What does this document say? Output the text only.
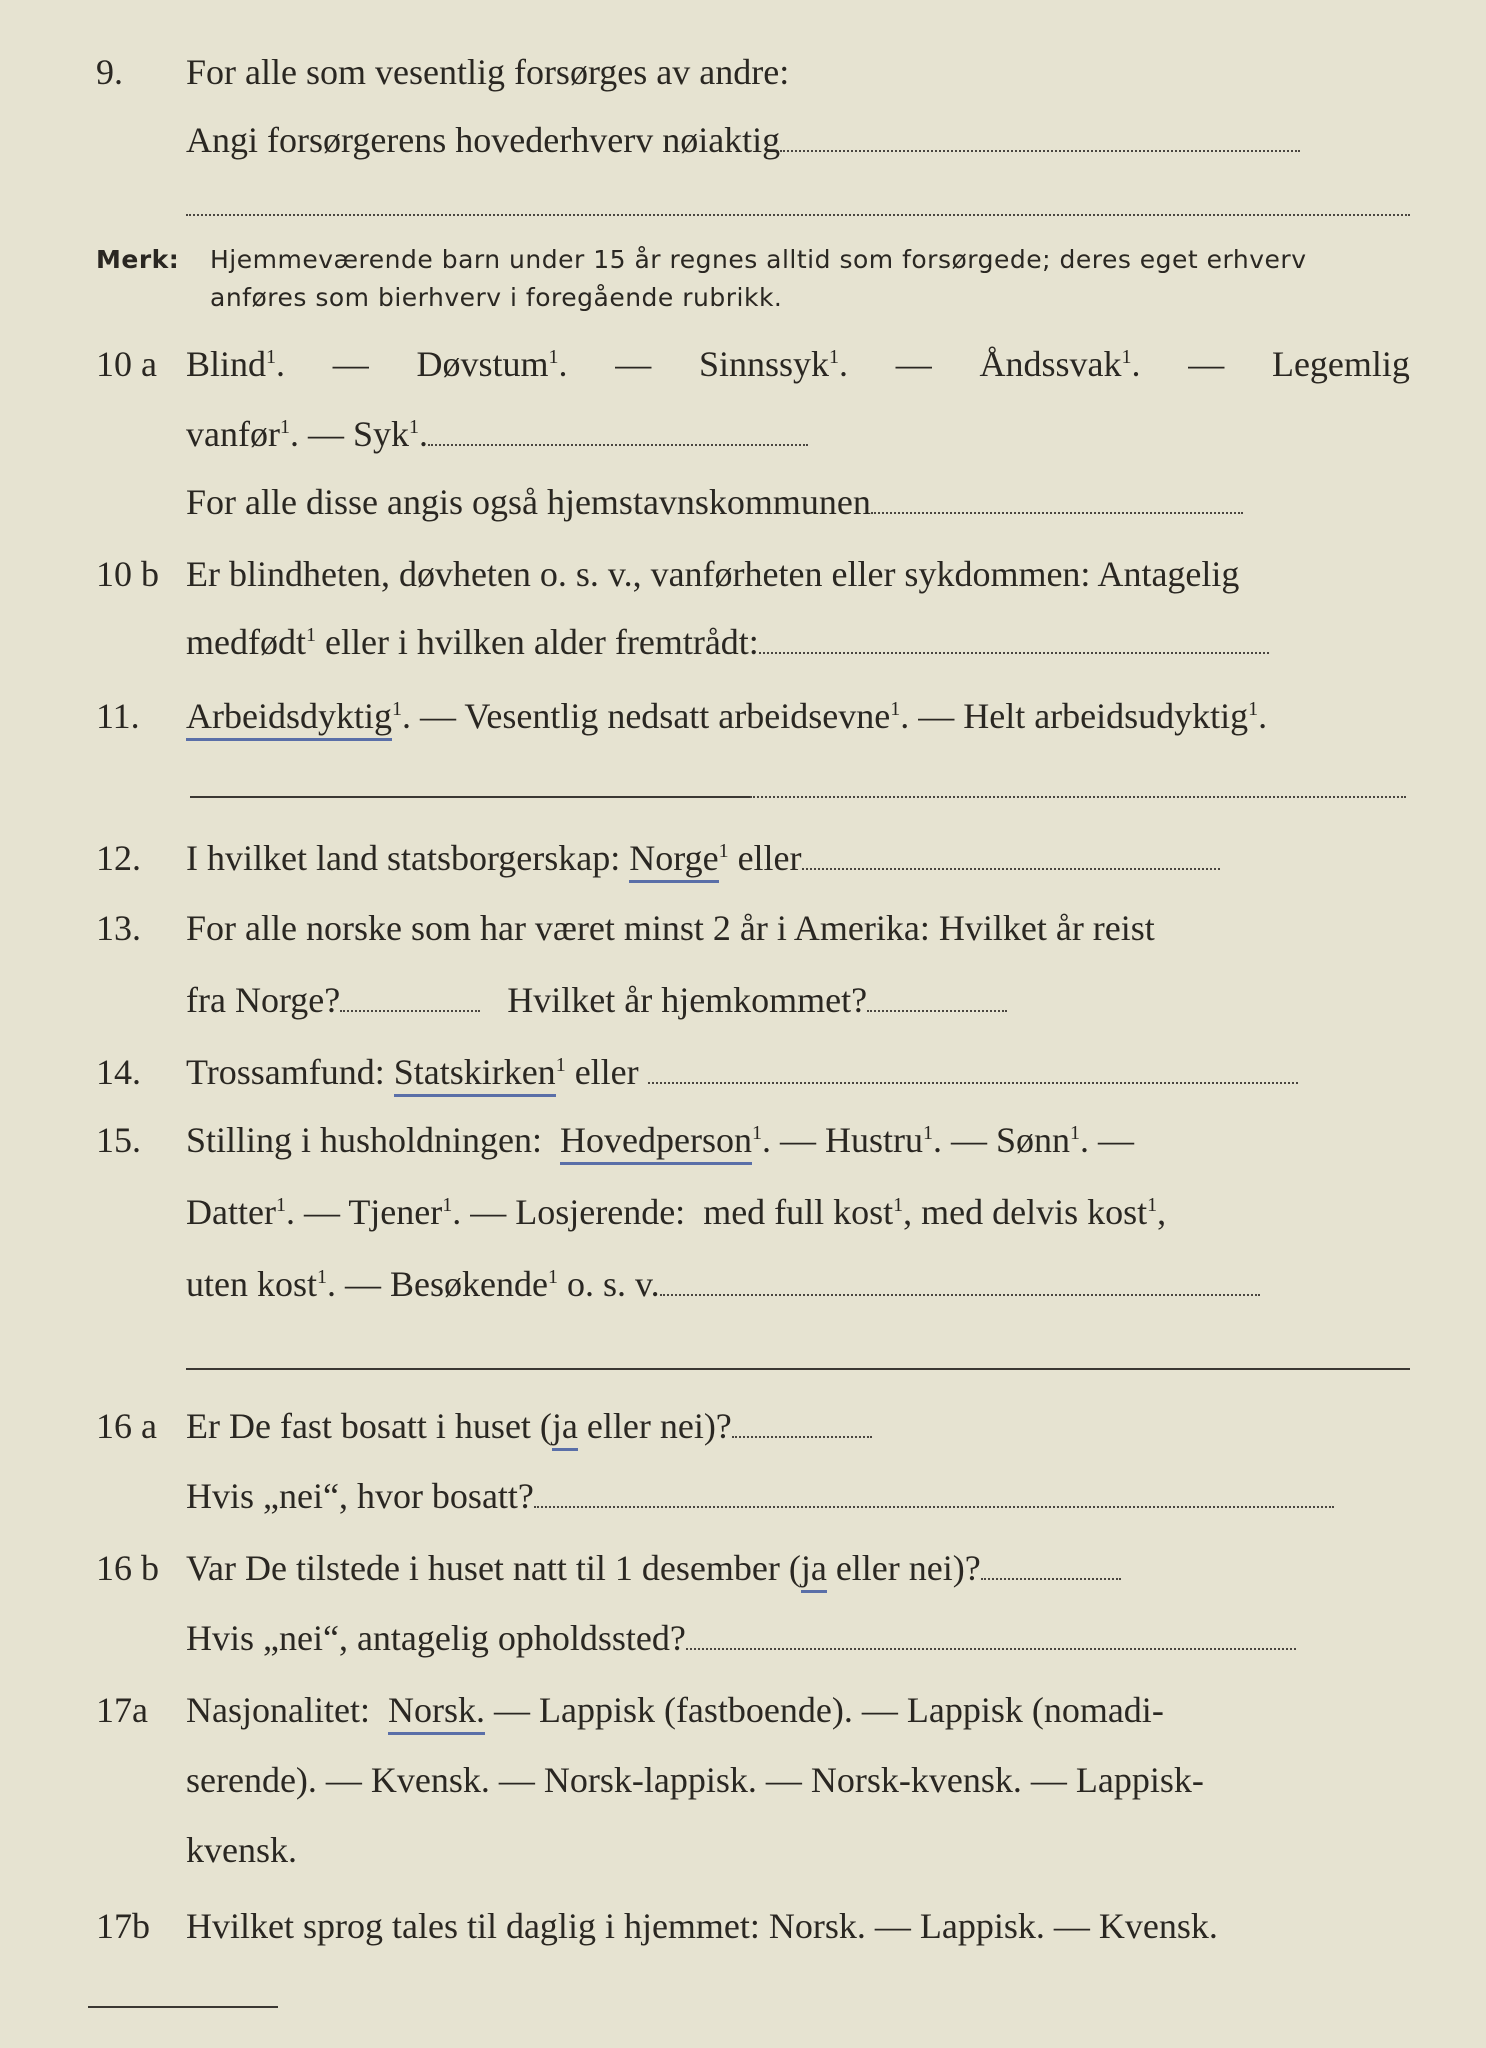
9. For alle som vesentlig forsørges av andre:
Angi forsørgerens hovederhverv nøiaktig
Merk: Hjemmeværende barn under 15 år regnes alltid som forsørgede; deres eget erhverv
anføres som bierhverv i foregående rubrikk.
10 a Blind$^1$. — Døvstum$^1$. — Sinnssyk$^1$. — Åndssvak$^1$. — Legemlig
vanfør$^1$. — Syk$^1$.
For alle disse angis også hjemstavnskommunen
10 b Er blindheten, døvheten o. s. v., vanførheten eller sykdommen: Antagelig
medfødt$^1$ eller i hvilken alder fremtrådt:
11. Arbeidsdyktig$^1$. — Vesentlig nedsatt arbeidsevne$^1$. — Helt arbeidsudyktig$^1$.
12. I hvilket land statsborgerskap: Norge$^1$ eller
13. For alle norske som har været minst 2 år i Amerika: Hvilket år reist
fra Norge?	Hvilket år hjemkommet?
14. Trossamfund: Statskirken$^1$ eller
15. Stilling i husholdningen: Hovedperson$^1$. — Hustru$^1$. — Sønn$^1$. —
Datter$^1$. — Tjener$^1$. — Losjerende: med full kost$^1$, med delvis kost$^1$,
uten kost$^1$. — Besøkende$^1$ o. s. v.
16 a Er De fast bosatt i huset (ja eller nei)?
Hvis „nei“, hvor bosatt?
16 b Var De tilstede i huset natt til 1 desember (ja eller nei)?
Hvis „nei“, antagelig opholdssted?
17a Nasjonalitet: Norsk. — Lappisk (fastboende). — Lappisk (nomadi-
serende). — Kvensk. — Norsk-lappisk. — Norsk-kvensk. — Lappisk-
kvensk.
17b Hvilket sprog tales til daglig i hjemmet: Norsk. — Lappisk. — Kvensk.
